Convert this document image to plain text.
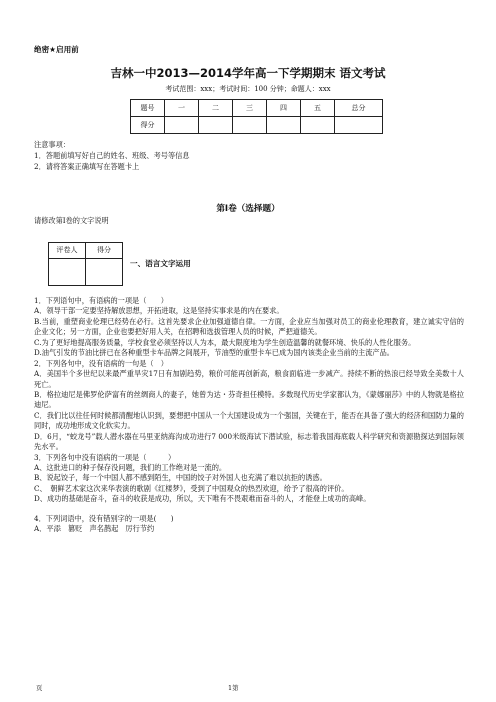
绝密★启用前
吉林一中2013—2014学年高一下学期期末 语文考试
考试范围：xxx；考试时间：100 分钟；命题人：xxx
题号	一	二	三	四	五	总分
得分						
注意事项：
1．答题前填写好自己的姓名、班级、考号等信息
2．请将答案正确填写在答题卡上
第Ⅰ卷（选择题）
请修改第Ⅰ卷的文字说明
评卷人	得分

一、语言文字运用

1．下列语句中，有语病的一项是（　　）

A．领导干部一定要坚持解放思想，开拓进取，这是坚持实事求是的内在要求。

B.当前，重塑商业伦理已经势在必行。这首先要求企业加强道德自律。一方面，企业应当加强对员工的商业伦理教育，建立诚实守信的企业文化；另一方面，企业也要把好用人关，在招聘和选拔管理人员的时候，严把道德关。

C.为了更好地提高服务质量，学校食堂必须坚持以人为本，最大限度地为学生创造温馨的就餐环境、快乐的人性化服务。

D.油气引发的节油比拼已在各种重型卡车品牌之间展开，节油型的重型卡车已成为国内该类企业当前的主流产品。

2．下列各句中，没有语病的一句是（　）

A．美国半个多世纪以来最严重旱灾17日有加剧趋势，粮价可能再创新高，粮食面临进一步减产。持续不断的热浪已经导致全美数十人死亡。

B．格拉迪尼是佛罗伦萨富有的丝绸商人的妻子，她曾为达・芬奇担任模特。多数现代历史学家都认为，《蒙娜丽莎》中的人物就是格拉迪尼。

C．我们比以往任何时候都清醒地认识到，要想把中国从一个大国建设成为一个强国，关键在于，能否在具备了强大的经济和国防力量的同时，成功地形成文化软实力。

D．6月，“蛟龙号”载人潜水器在马里亚纳海沟成功进行7 000米级海试下潜试验，标志着我国海底载人科学研究和资源勘探达到国际领先水平。

3．下列各句中没有语病的一项是（　　　）

A、这批进口的种子保存没问题，我们的工作绝对是一流的。

B、说起饺子，每一个中国人都不感到陌生，中国的饺子对外国人也充满了难以抗拒的诱惑。

C、　朝鲜艺术家这次来华表演的歌剧《红楼梦》，受到了中国观众的热烈欢迎，给予了很高的评价。

D、成功的基础是奋斗，奋斗的收获是成功，所以，天下唯有不畏艰难而奋斗的人，才能登上成功的高峰。

4．下列词语中，没有错别字的一项是(　　)

A．平添　篡贬　声名鹊起　厉行节约

页	1第
